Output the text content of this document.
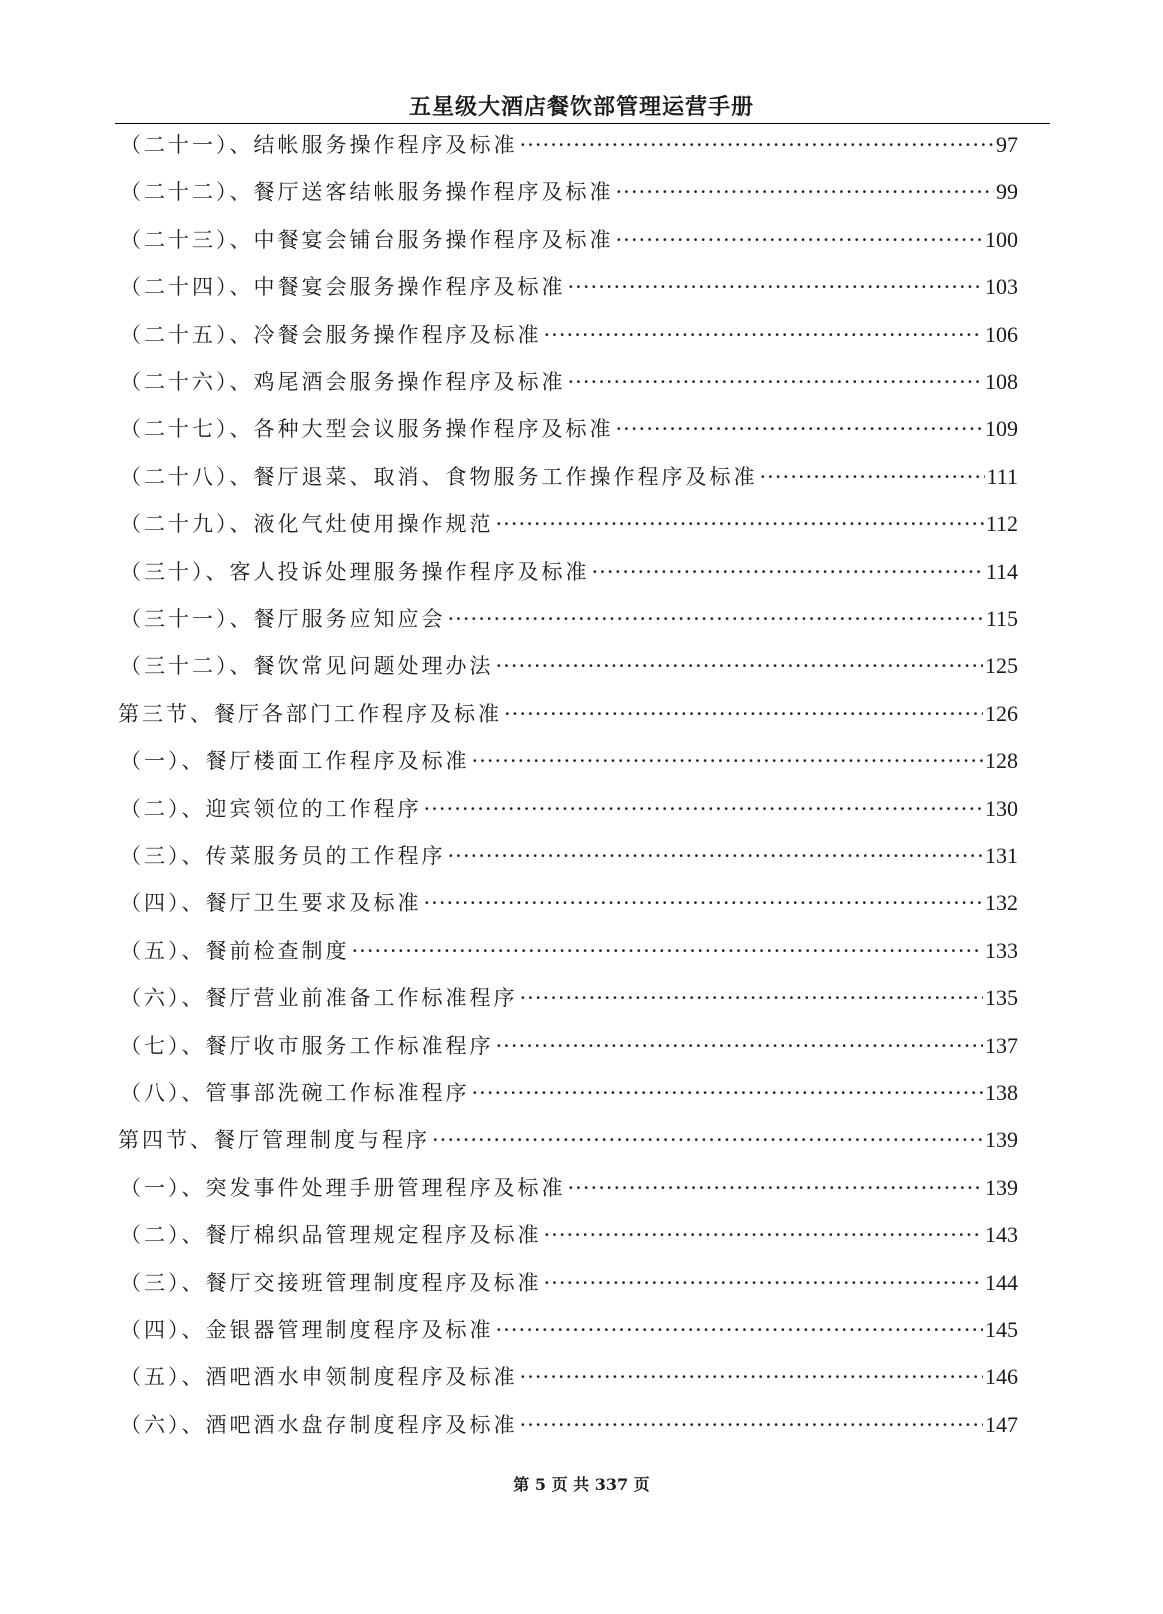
五星级大酒店餐饮部管理运营手册
（二十一）、结帐服务操作程序及标准 ·····	97
（二十二）、餐厅送客结帐服务操作程序及标准 ·····	99
（二十三）、中餐宴会铺台服务操作程序及标准 ·····	100
（二十四）、中餐宴会服务操作程序及标准 ·····	103
（二十五）、冷餐会服务操作程序及标准 ·····	106
（二十六）、鸡尾酒会服务操作程序及标准 ·····	108
（二十七）、各种大型会议服务操作程序及标准 ·····	109
（二十八）、餐厅退菜、取消、食物服务工作操作程序及标准 ·····	111
（二十九）、液化气灶使用操作规范 ·····	112
（三十）、客人投诉处理服务操作程序及标准 ·····	114
（三十一）、餐厅服务应知应会 ·····	115
（三十二）、餐饮常见问题处理办法 ·····	125
第三节、餐厅各部门工作程序及标准 ·····	126
（一）、餐厅楼面工作程序及标准 ·····	128
（二）、迎宾领位的工作程序 ·····	130
（三）、传菜服务员的工作程序 ·····	131
（四）、餐厅卫生要求及标准 ·····	132
（五）、餐前检查制度 ·····	133
（六）、餐厅营业前准备工作标准程序 ·····	135
（七）、餐厅收市服务工作标准程序 ·····	137
（八）、管事部洗碗工作标准程序 ·····	138
第四节、餐厅管理制度与程序 ·····	139
（一）、突发事件处理手册管理程序及标准 ·····	139
（二）、餐厅棉织品管理规定程序及标准 ·····	143
（三）、餐厅交接班管理制度程序及标准 ·····	144
（四）、金银器管理制度程序及标准 ·····	145
（五）、酒吧酒水申领制度程序及标准 ·····	146
（六）、酒吧酒水盘存制度程序及标准 ·····	147
第 5 页 共 337 页
